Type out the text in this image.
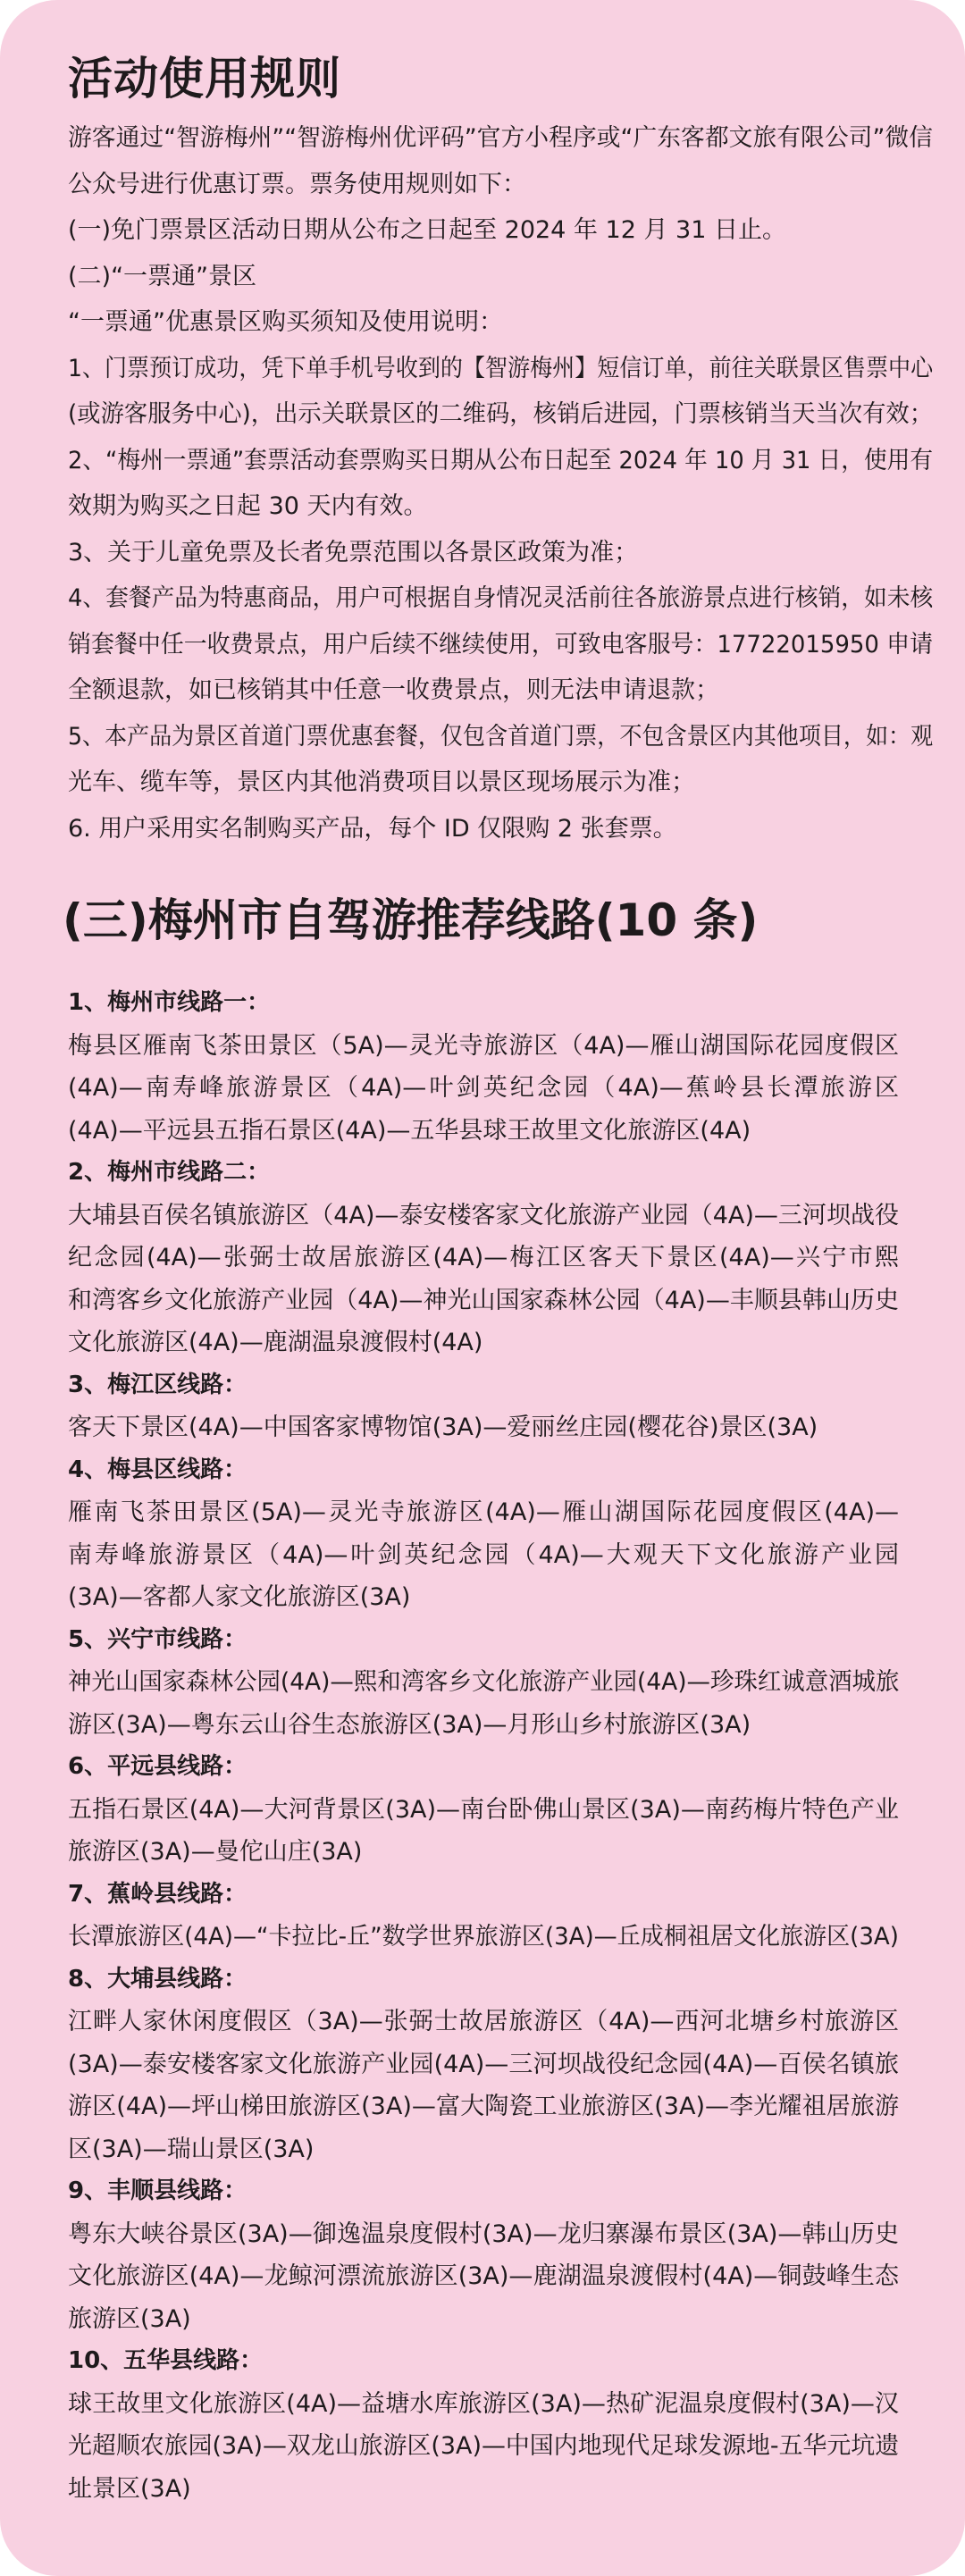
活动使用规则
游客通过“智游梅州”“智游梅州优评码”官方小程序或“广东客都文旅有限公司”微信
公众号进行优惠订票。票务使用规则如下：
(一)免门票景区活动日期从公布之日起至 2024 年 12 月 31 日止。
(二)“一票通”景区
“一票通”优惠景区购买须知及使用说明：
1、门票预订成功，凭下单手机号收到的【智游梅州】短信订单，前往关联景区售票中心
(或游客服务中心)，出示关联景区的二维码，核销后进园，门票核销当天当次有效；
2、“梅州一票通”套票活动套票购买日期从公布日起至 2024 年 10 月 31 日，使用有
效期为购买之日起 30 天内有效。
3、关于儿童免票及长者免票范围以各景区政策为准；
4、套餐产品为特惠商品，用户可根据自身情况灵活前往各旅游景点进行核销，如未核
销套餐中任一收费景点，用户后续不继续使用，可致电客服号：17722015950 申请
全额退款，如已核销其中任意一收费景点，则无法申请退款；
5、本产品为景区首道门票优惠套餐，仅包含首道门票，不包含景区内其他项目，如：观
光车、缆车等，景区内其他消费项目以景区现场展示为准；
6. 用户采用实名制购买产品，每个 ID 仅限购 2 张套票。
(三)梅州市自驾游推荐线路(10 条)
1、梅州市线路一：
梅县区雁南飞茶田景区（5A)—灵光寺旅游区（4A)—雁山湖国际花园度假区
(4A)—南寿峰旅游景区（4A)—叶剑英纪念园（4A)—蕉岭县长潭旅游区
(4A)—平远县五指石景区(4A)—五华县球王故里文化旅游区(4A)
2、梅州市线路二：
大埔县百侯名镇旅游区（4A)—泰安楼客家文化旅游产业园（4A)—三河坝战役
纪念园(4A)—张弼士故居旅游区(4A)—梅江区客天下景区(4A)—兴宁市熙
和湾客乡文化旅游产业园（4A)—神光山国家森林公园（4A)—丰顺县韩山历史
文化旅游区(4A)—鹿湖温泉渡假村(4A)
3、梅江区线路：
客天下景区(4A)—中国客家博物馆(3A)—爱丽丝庄园(樱花谷)景区(3A)
4、梅县区线路：
雁南飞茶田景区(5A)—灵光寺旅游区(4A)—雁山湖国际花园度假区(4A)—
南寿峰旅游景区（4A)—叶剑英纪念园（4A)—大观天下文化旅游产业园
(3A)—客都人家文化旅游区(3A)
5、兴宁市线路：
神光山国家森林公园(4A)—熙和湾客乡文化旅游产业园(4A)—珍珠红诚意酒城旅
游区(3A)—粤东云山谷生态旅游区(3A)—月形山乡村旅游区(3A)
6、平远县线路：
五指石景区(4A)—大河背景区(3A)—南台卧佛山景区(3A)—南药梅片特色产业
旅游区(3A)—曼佗山庄(3A)
7、蕉岭县线路：
长潭旅游区(4A)—“卡拉比-丘”数学世界旅游区(3A)—丘成桐祖居文化旅游区(3A)
8、大埔县线路：
江畔人家休闲度假区（3A)—张弼士故居旅游区（4A)—西河北塘乡村旅游区
(3A)—泰安楼客家文化旅游产业园(4A)—三河坝战役纪念园(4A)—百侯名镇旅
游区(4A)—坪山梯田旅游区(3A)—富大陶瓷工业旅游区(3A)—李光耀祖居旅游
区(3A)—瑞山景区(3A)
9、丰顺县线路：
粤东大峡谷景区(3A)—御逸温泉度假村(3A)—龙归寨瀑布景区(3A)—韩山历史
文化旅游区(4A)—龙鲸河漂流旅游区(3A)—鹿湖温泉渡假村(4A)—铜鼓峰生态
旅游区(3A)
10、五华县线路：
球王故里文化旅游区(4A)—益塘水库旅游区(3A)—热矿泥温泉度假村(3A)—汉
光超顺农旅园(3A)—双龙山旅游区(3A)—中国内地现代足球发源地-五华元坑遗
址景区(3A)
